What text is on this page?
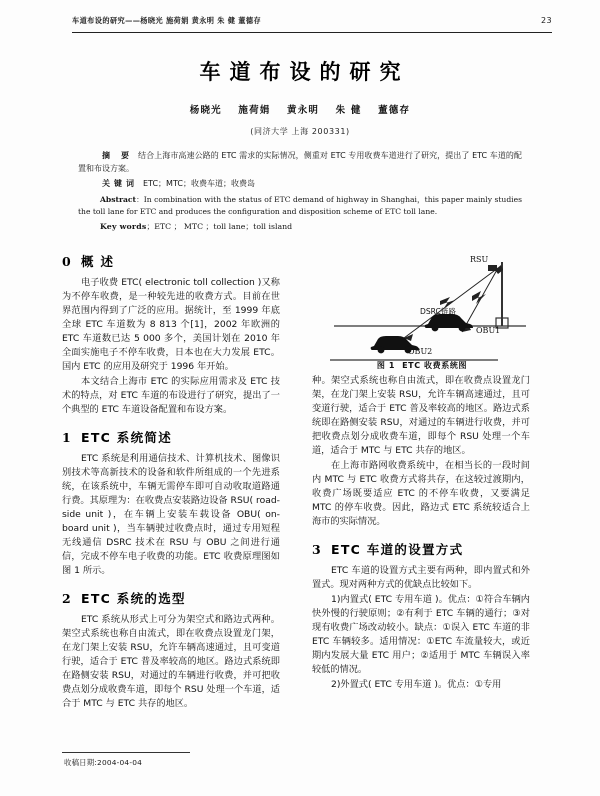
车道布设的研究——杨晓光 施荷娟 黄永明 朱 健 董德存	23
车道布设的研究
杨晓光 施荷娟 黄永明 朱 健 董德存
(同济大学 上海 200331)
摘 要 结合上海市高速公路的 ETC 需求的实际情况，侧重对 ETC 专用收费车道进行了研究，提出了 ETC 车道的配置和布设方案。
关键词 ETC；MTC；收费车道；收费岛
Abstract：In combination with the status of ETC demand of highway in Shanghai，this paper mainly studies the toll lane for ETC and produces the configuration and disposition scheme of ETC toll lane.
Key words；ETC ； MTC ；toll lane；toll island
0 概 述

电子收费 ETC( electronic toll collection )又称为不停车收费，是一种较先进的收费方式。目前在世界范围内得到了广泛的应用。据统计，至 1999 年底全球 ETC 车道数为 8 813 个[1]，2002 年欧洲的 ETC 车道数已达 5 000 多个，美国计划在 2010 年全面实施电子不停车收费，日本也在大力发展 ETC。国内 ETC 的应用及研究于 1996 年开始。

本文结合上海市 ETC 的实际应用需求及 ETC 技术的特点，对 ETC 车道的布设进行了研究，提出了一个典型的 ETC 车道设备配置和布设方案。

1 ETC 系统简述

ETC 系统是利用通信技术、计算机技术、图像识别技术等高新技术的设备和软件所组成的一个先进系统，在该系统中，车辆无需停车即可自动收取道路通行费。其原理为：在收费点安装路边设备 RSU( road-side unit )，在车辆上安装车载设备 OBU( on-board unit )，当车辆驶过收费点时，通过专用短程无线通信 DSRC 技术在 RSU 与 OBU 之间进行通信，完成不停车电子收费的功能。ETC 收费原理图如图 1 所示。

2 ETC 系统的选型

ETC 系统从形式上可分为架空式和路边式两种。架空式系统也称自由流式，即在收费点设置龙门架，在龙门架上安装 RSU，允许车辆高速通过，且可变道行驶，适合于 ETC 普及率较高的地区。路边式系统即在路侧安装 RSU，对通过的车辆进行收费，并可把收费点划分成收费车道，即每个 RSU 处理一个车道，适合于 MTC 与 ETC 共存的地区。

RSU
DSRC链路
OBU1
OBU2
图 1 ETC 收费系统图

种。架空式系统也称自由流式，即在收费点设置龙门架，在龙门架上安装 RSU，允许车辆高速通过，且可变道行驶，适合于 ETC 普及率较高的地区。路边式系统即在路侧安装 RSU，对通过的车辆进行收费，并可把收费点划分成收费车道，即每个 RSU 处理一个车道，适合于 MTC 与 ETC 共存的地区。

在上海市路网收费系统中，在相当长的一段时间内 MTC 与 ETC 收费方式将共存，在这较过渡期内，收费广场既要适应 ETC 的不停车收费，又要满足 MTC 的停车收费。因此，路边式 ETC 系统较适合上海市的实际情况。

3 ETC 车道的设置方式

ETC 车道的设置方式主要有两种，即内置式和外置式。现对两种方式的优缺点比较如下。

1)内置式( ETC 专用车道 )。优点：①符合车辆内快外慢的行驶原则；②有利于 ETC 车辆的通行；③对现有收费广场改动较小。缺点：①误入 ETC 车道的非 ETC 车辆较多。适用情况：①ETC 车流量较大，或近期内发展大量 ETC 用户；②适用于 MTC 车辆误入率较低的情况。

2)外置式( ETC 专用车道 )。优点：①专用

收稿日期:2004-04-04
